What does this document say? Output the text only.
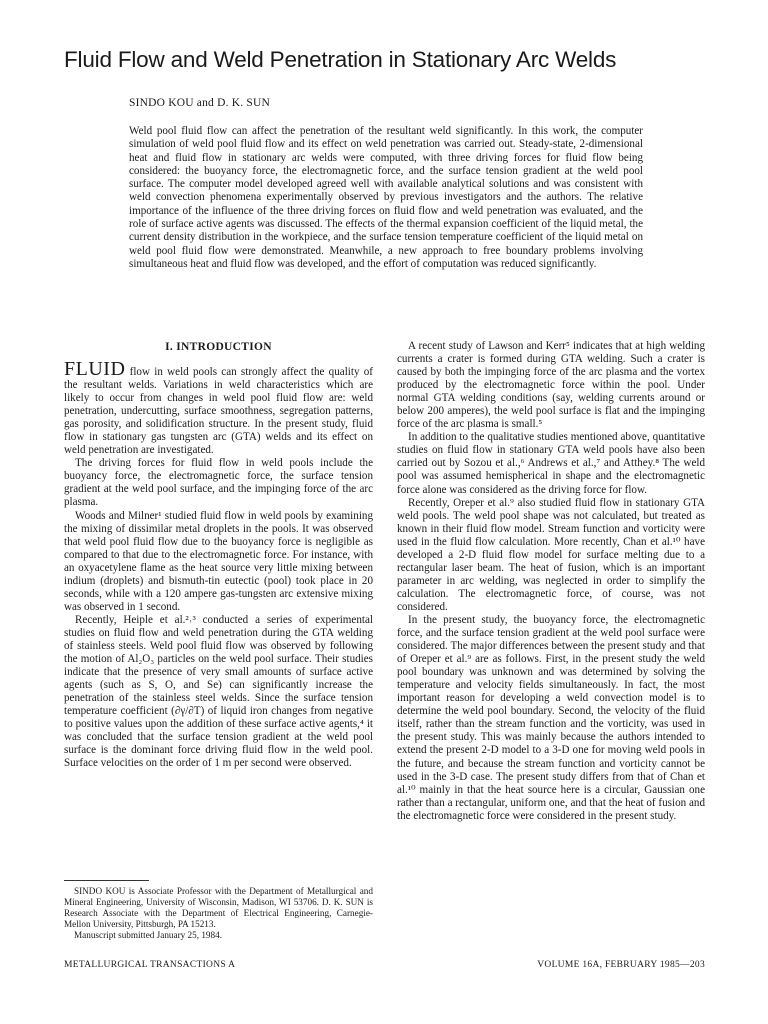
Fluid Flow and Weld Penetration in Stationary Arc Welds
SINDO KOU and D. K. SUN

Weld pool fluid flow can affect the penetration of the resultant weld significantly. In this work, the computer simulation of weld pool fluid flow and its effect on weld penetration was carried out. Steady-state, 2-dimensional heat and fluid flow in stationary arc welds were computed, with three driving forces for fluid flow being considered: the buoyancy force, the electromagnetic force, and the surface tension gradient at the weld pool surface. The computer model developed agreed well with available analytical solutions and was consistent with weld convection phenomena experimentally observed by previous investigators and the authors. The relative importance of the influence of the three driving forces on fluid flow and weld penetration was evaluated, and the role of surface active agents was discussed. The effects of the thermal expansion coefficient of the liquid metal, the current density distribution in the workpiece, and the surface tension temperature coefficient of the liquid metal on weld pool fluid flow were demonstrated. Meanwhile, a new approach to free boundary problems involving simultaneous heat and fluid flow was developed, and the effort of computation was reduced significantly.

I. INTRODUCTION

FLUID flow in weld pools can strongly affect the quality of the resultant welds. Variations in weld characteristics which are likely to occur from changes in weld pool fluid flow are: weld penetration, undercutting, surface smoothness, segregation patterns, gas porosity, and solidification structure. In the present study, fluid flow in stationary gas tungsten arc (GTA) welds and its effect on weld penetration are investigated.

The driving forces for fluid flow in weld pools include the buoyancy force, the electromagnetic force, the surface tension gradient at the weld pool surface, and the impinging force of the arc plasma.

Woods and Milner¹ studied fluid flow in weld pools by examining the mixing of dissimilar metal droplets in the pools. It was observed that weld pool fluid flow due to the buoyancy force is negligible as compared to that due to the electromagnetic force. For instance, with an oxyacetylene flame as the heat source very little mixing between indium (droplets) and bismuth-tin eutectic (pool) took place in 20 seconds, while with a 120 ampere gas-tungsten arc extensive mixing was observed in 1 second.

Recently, Heiple et al.²˒³ conducted a series of experimental studies on fluid flow and weld penetration during the GTA welding of stainless steels. Weld pool fluid flow was observed by following the motion of Al₂O₃ particles on the weld pool surface. Their studies indicate that the presence of very small amounts of surface active agents (such as S, O, and Se) can significantly increase the penetration of the stainless steel welds. Since the surface tension temperature coefficient (∂γ/∂T) of liquid iron changes from negative to positive values upon the addition of these surface active agents,⁴ it was concluded that the surface tension gradient at the weld pool surface is the dominant force driving fluid flow in the weld pool. Surface velocities on the order of 1 m per second were observed.

A recent study of Lawson and Kerr⁵ indicates that at high welding currents a crater is formed during GTA welding. Such a crater is caused by both the impinging force of the arc plasma and the vortex produced by the electromagnetic force within the pool. Under normal GTA welding conditions (say, welding currents around or below 200 amperes), the weld pool surface is flat and the impinging force of the arc plasma is small.⁵

In addition to the qualitative studies mentioned above, quantitative studies on fluid flow in stationary GTA weld pools have also been carried out by Sozou et al.,⁶ Andrews et al.,⁷ and Atthey.⁸ The weld pool was assumed hemispherical in shape and the electromagnetic force alone was considered as the driving force for flow.

Recently, Oreper et al.⁹ also studied fluid flow in stationary GTA weld pools. The weld pool shape was not calculated, but treated as known in their fluid flow model. Stream function and vorticity were used in the fluid flow calculation. More recently, Chan et al.¹⁰ have developed a 2-D fluid flow model for surface melting due to a rectangular laser beam. The heat of fusion, which is an important parameter in arc welding, was neglected in order to simplify the calculation. The electromagnetic force, of course, was not considered.

In the present study, the buoyancy force, the electromagnetic force, and the surface tension gradient at the weld pool surface were considered. The major differences between the present study and that of Oreper et al.⁹ are as follows. First, in the present study the weld pool boundary was unknown and was determined by solving the temperature and velocity fields simultaneously. In fact, the most important reason for developing a weld convection model is to determine the weld pool boundary. Second, the velocity of the fluid itself, rather than the stream function and the vorticity, was used in the present study. This was mainly because the authors intended to extend the present 2-D model to a 3-D one for moving weld pools in the future, and because the stream function and vorticity cannot be used in the 3-D case. The present study differs from that of Chan et al.¹⁰ mainly in that the heat source here is a circular, Gaussian one rather than a rectangular, uniform one, and that the heat of fusion and the electromagnetic force were considered in the present study.

SINDO KOU is Associate Professor with the Department of Metallurgical and Mineral Engineering, University of Wisconsin, Madison, WI 53706. D. K. SUN is Research Associate with the Department of Electrical Engineering, Carnegie-Mellon University, Pittsburgh, PA 15213.
Manuscript submitted January 25, 1984.

METALLURGICAL TRANSACTIONS A	VOLUME 16A, FEBRUARY 1985—203
